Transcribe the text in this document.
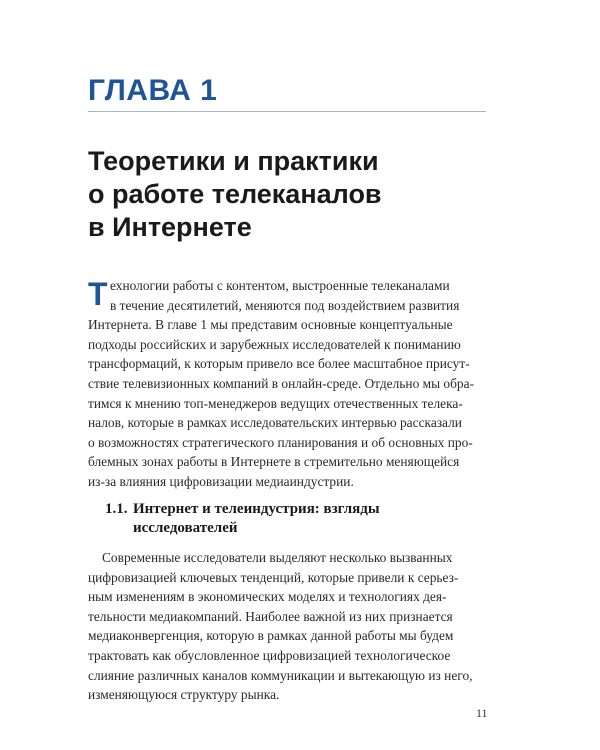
ГЛАВА 1
Теоретики и практики
о работе телеканалов
в Интернете
Т ехнологии работы с контентом, выстроенные телеканалами
в течение десятилетий, меняются под воздействием развития
Интернета. В главе 1 мы представим основные концептуальные
подходы российских и зарубежных исследователей к пониманию
трансформаций, к которым привело все более масштабное присут-
ствие телевизионных компаний в онлайн-среде. Отдельно мы обра-
тимся к мнению топ-менеджеров ведущих отечественных телека-
налов, которые в рамках исследовательских интервью рассказали
о возможностях стратегического планирования и об основных про-
блемных зонах работы в Интернете в стремительно меняющейся
из-за влияния цифровизации медиаиндустрии.
1.1. Интернет и телеиндустрия: взгляды
исследователей
Современные исследователи выделяют несколько вызванных
цифровизацией ключевых тенденций, которые привели к серьез-
ным изменениям в экономических моделях и технологиях дея-
тельности медиакомпаний. Наиболее важной из них признается
медиаконвергенция, которую в рамках данной работы мы будем
трактовать как обусловленное цифровизацией технологическое
слияние различных каналов коммуникации и вытекающую из него,
изменяющуюся структуру рынка.
11
